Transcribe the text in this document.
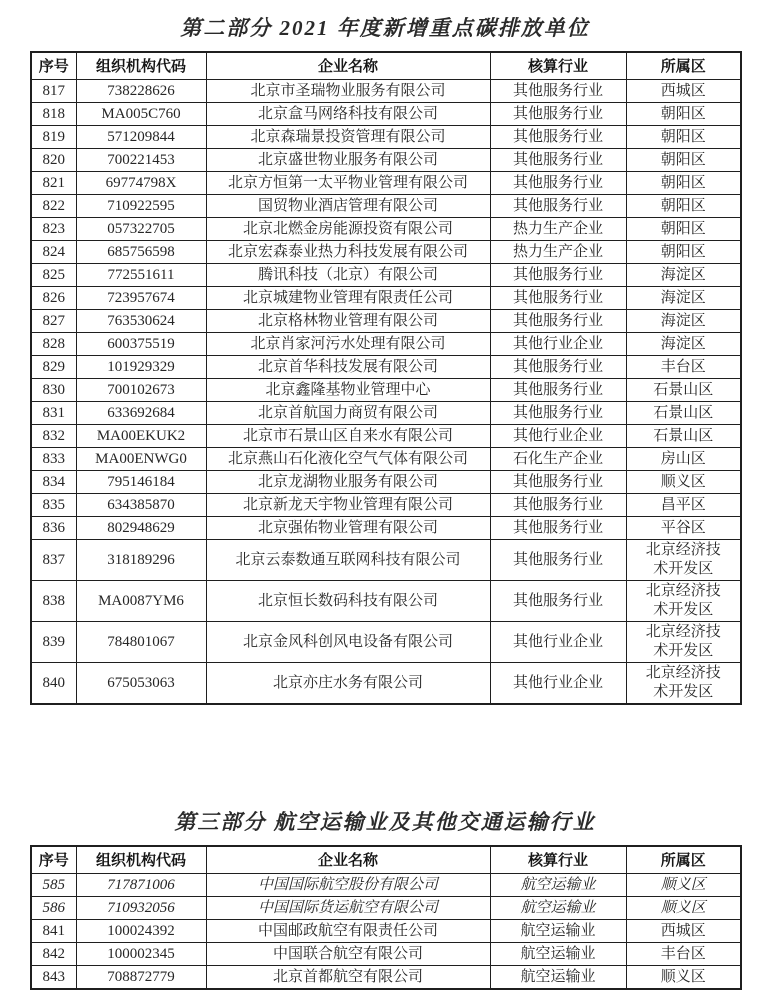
第二部分 2021 年度新增重点碳排放单位
序号	组织机构代码	企业名称	核算行业	所属区
817	738228626	北京市圣瑞物业服务有限公司	其他服务行业	西城区
818	MA005C760	北京盒马网络科技有限公司	其他服务行业	朝阳区
819	571209844	北京森瑞景投资管理有限公司	其他服务行业	朝阳区
820	700221453	北京盛世物业服务有限公司	其他服务行业	朝阳区
821	69774798X	北京方恒第一太平物业管理有限公司	其他服务行业	朝阳区
822	710922595	国贸物业酒店管理有限公司	其他服务行业	朝阳区
823	057322705	北京北燃金房能源投资有限公司	热力生产企业	朝阳区
824	685756598	北京宏森泰业热力科技发展有限公司	热力生产企业	朝阳区
825	772551611	腾讯科技（北京）有限公司	其他服务行业	海淀区
826	723957674	北京城建物业管理有限责任公司	其他服务行业	海淀区
827	763530624	北京格林物业管理有限公司	其他服务行业	海淀区
828	600375519	北京肖家河污水处理有限公司	其他行业企业	海淀区
829	101929329	北京首华科技发展有限公司	其他服务行业	丰台区
830	700102673	北京鑫隆基物业管理中心	其他服务行业	石景山区
831	633692684	北京首航国力商贸有限公司	其他服务行业	石景山区
832	MA00EKUK2	北京市石景山区自来水有限公司	其他行业企业	石景山区
833	MA00ENWG0	北京燕山石化液化空气气体有限公司	石化生产企业	房山区
834	795146184	北京龙湖物业服务有限公司	其他服务行业	顺义区
835	634385870	北京新龙天宇物业管理有限公司	其他服务行业	昌平区
836	802948629	北京强佑物业管理有限公司	其他服务行业	平谷区
837	318189296	北京云泰数通互联网科技有限公司	其他服务行业	北京经济技术开发区
838	MA0087YM6	北京恒长数码科技有限公司	其他服务行业	北京经济技术开发区
839	784801067	北京金风科创风电设备有限公司	其他行业企业	北京经济技术开发区
840	675053063	北京亦庄水务有限公司	其他行业企业	北京经济技术开发区
第三部分 航空运输业及其他交通运输行业
序号	组织机构代码	企业名称	核算行业	所属区
585	717871006	中国国际航空股份有限公司	航空运输业	顺义区
586	710932056	中国国际货运航空有限公司	航空运输业	顺义区
841	100024392	中国邮政航空有限责任公司	航空运输业	西城区
842	100002345	中国联合航空有限公司	航空运输业	丰台区
843	708872779	北京首都航空有限公司	航空运输业	顺义区
